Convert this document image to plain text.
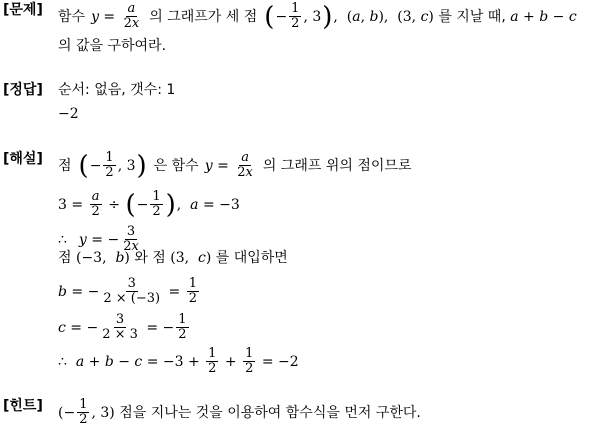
[문제] 함수 $y = \frac{a}{2x}$ 의 그래프가 세 점 ( − $\frac{1}{2}$ , 3 ) ,  ( a , b ),  (3, c ) 를 지날 때,
a + b − c
의 값을 구하여라.
[정답] 순서: 없음, 갯수: 1
−2
[해설] 점 ( − $\frac{1}{2}$ , 3 ) 은 함수 $y = \frac{a}{2x}$ 의 그래프 위의 점이므로
$3 = \frac{a}{2}$ ÷ ( − $\frac{1}{2}$ ) , a = −3
∴ y = − $\frac{3}{2x}$
점 (−3, b ) 와 점 (3, c ) 를 대입하면
b = − $\frac{3}{2 \times (-3)} = \frac{1}{2}$
c = − $\frac{3}{2 \times 3}$ = − $\frac{1}{2}$
∴ $a + b - c = -3 + \frac{1}{2} + \frac{1}{2} = -2$
[힌트] (− $\frac{1}{2}$ , 3) 점을 지나는 것을 이용하여 함수식을 먼저 구한다.
